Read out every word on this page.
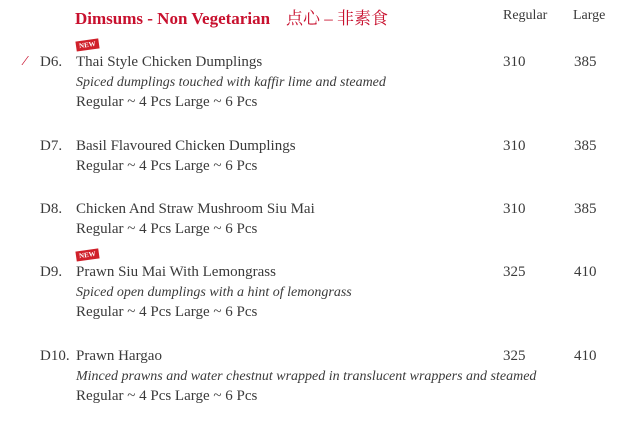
Dimsums - Non Vegetarian 点心 – 非素食	Regular Large
NEW
⁄ D6. Thai Style Chicken Dumplings	310	385
Spiced dumplings touched with kaffir lime and steamed
Regular ~ 4 Pcs Large ~ 6 Pcs
D7. Basil Flavoured Chicken Dumplings	310	385
Regular ~ 4 Pcs Large ~ 6 Pcs
D8. Chicken And Straw Mushroom Siu Mai	310	385
Regular ~ 4 Pcs Large ~ 6 Pcs
NEW
D9. Prawn Siu Mai With Lemongrass	325	410
Spiced open dumplings with a hint of lemongrass
Regular ~ 4 Pcs Large ~ 6 Pcs
D10. Prawn Hargao	325	410
Minced prawns and water chestnut wrapped in translucent wrappers and steamed
Regular ~ 4 Pcs Large ~ 6 Pcs
